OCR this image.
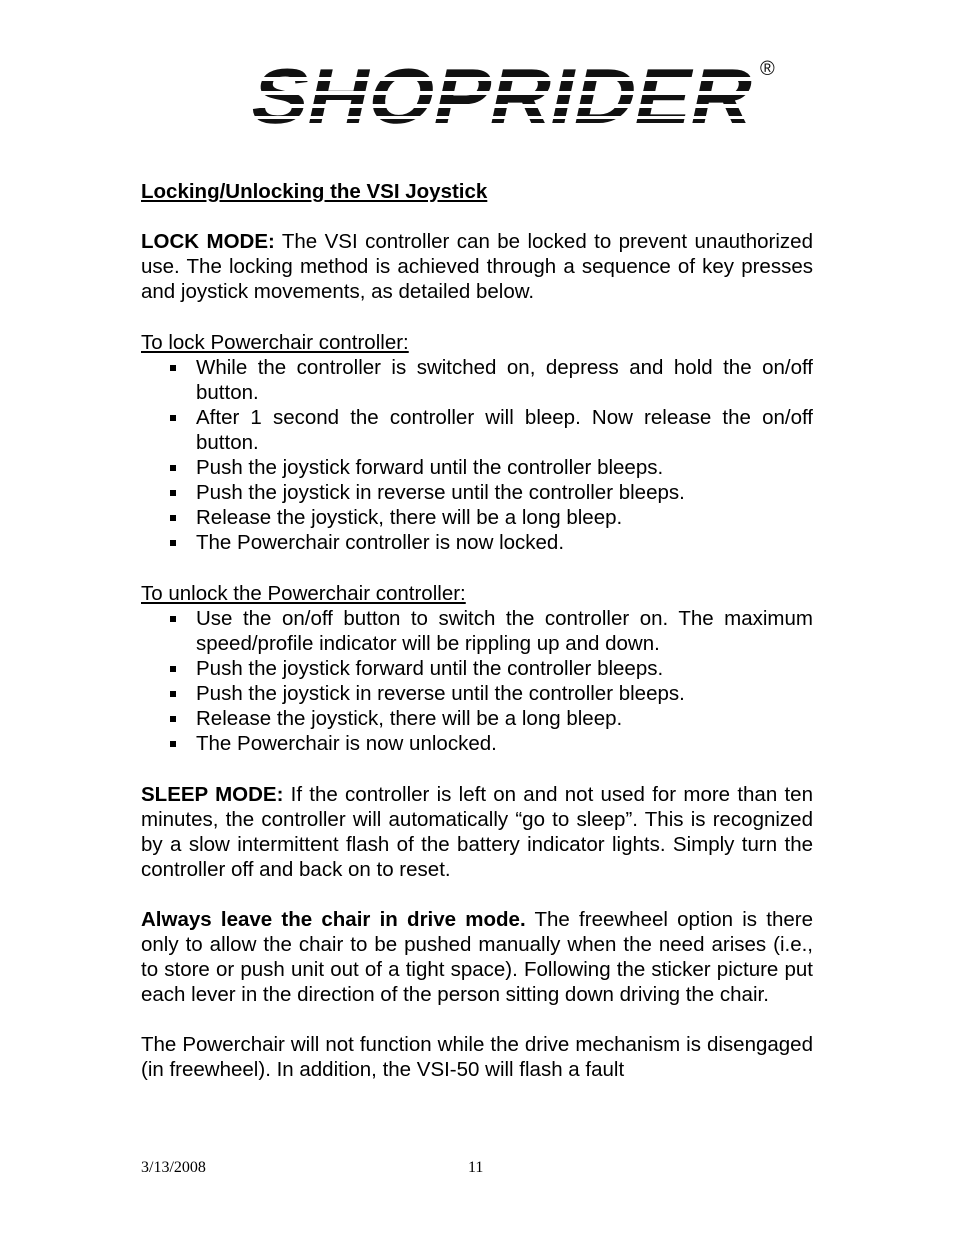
®
Locking/Unlocking the VSI Joystick

LOCK MODE: The VSI controller can be locked to prevent unauthorized use. The locking method is achieved through a sequence of key presses and joystick movements, as detailed below.

To lock Powerchair controller:

While the controller is switched on, depress and hold the on/off button.
After 1 second the controller will bleep. Now release the on/off button.
Push the joystick forward until the controller bleeps.
Push the joystick in reverse until the controller bleeps.
Release the joystick, there will be a long bleep.
The Powerchair controller is now locked.

To unlock the Powerchair controller:

Use the on/off button to switch the controller on. The maximum speed/profile indicator will be rippling up and down.
Push the joystick forward until the controller bleeps.
Push the joystick in reverse until the controller bleeps.
Release the joystick, there will be a long bleep.
The Powerchair is now unlocked.

SLEEP MODE: If the controller is left on and not used for more than ten minutes, the controller will automatically “go to sleep”. This is recognized by a slow intermittent flash of the battery indicator lights. Simply turn the controller off and back on to reset.

Always leave the chair in drive mode. The freewheel option is there only to allow the chair to be pushed manually when the need arises (i.e., to store or push unit out of a tight space). Following the sticker picture put each lever in the direction of the person sitting down driving the chair.

The Powerchair will not function while the drive mechanism is disengaged (in freewheel). In addition, the VSI-50 will flash a fault

3/13/2008	11
